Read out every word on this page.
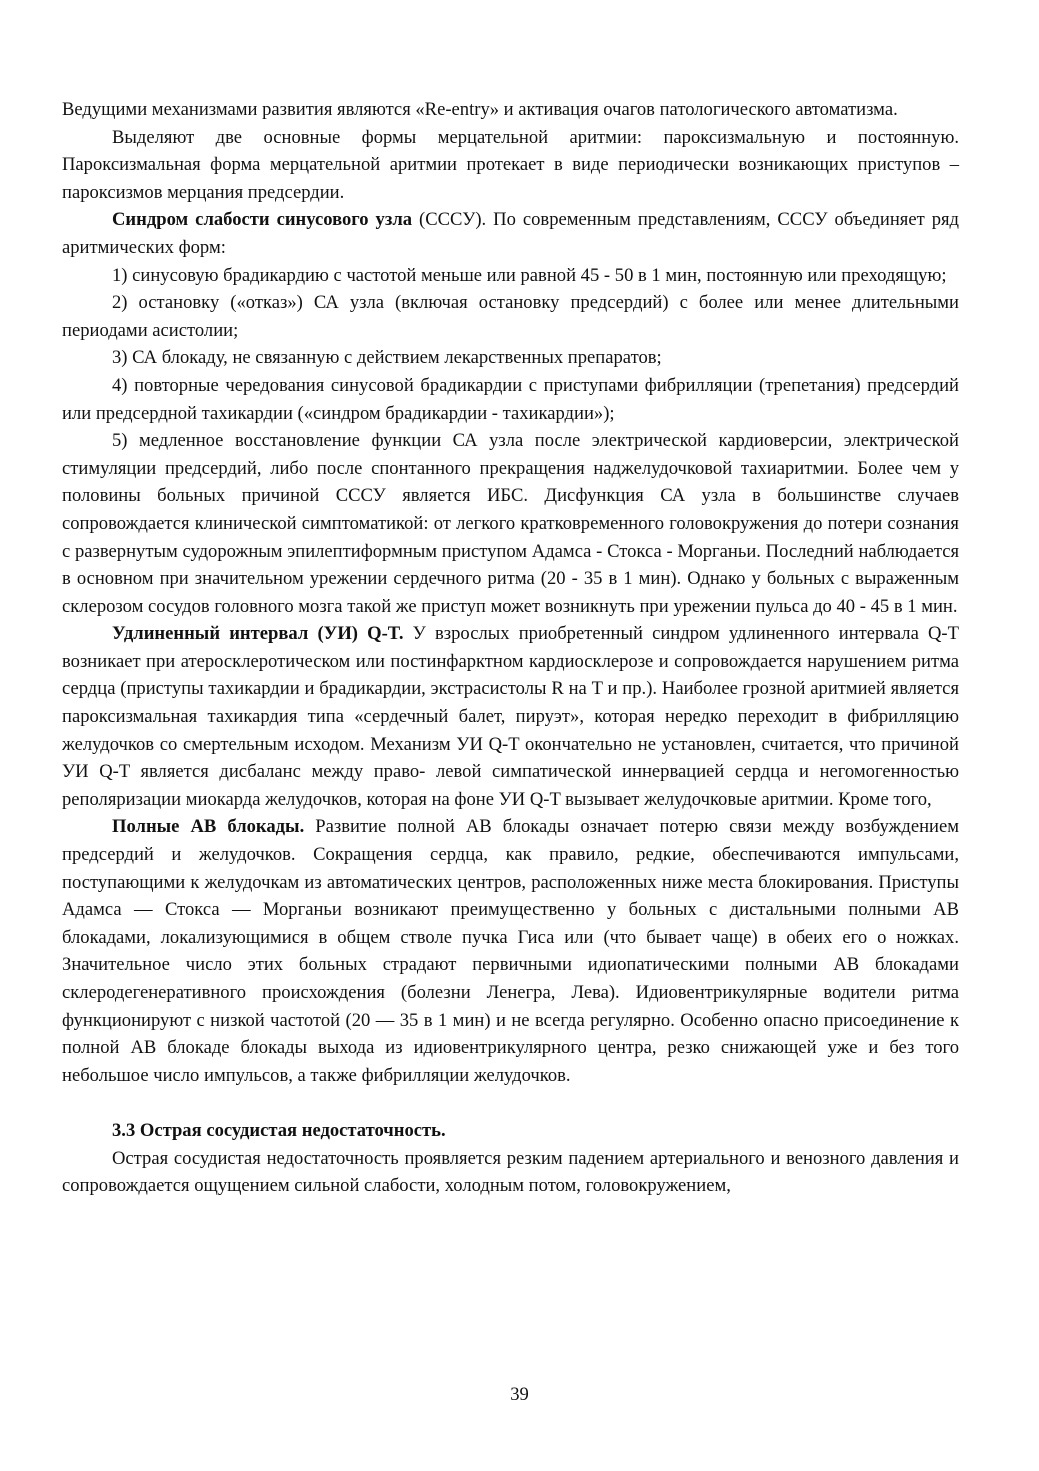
Ведущими механизмами развития являются «Re-entry» и активация очагов патологического автоматизма.

Выделяют две основные формы мерцательной аритмии: пароксизмальную и постоянную. Пароксизмальная форма мерцательной аритмии протекает в виде периодически возникающих приступов – пароксизмов мерцания предсердии.

Синдром слабости синусового узла (СССУ). По современным представлениям, СССУ объединяет ряд аритмических форм:

1) синусовую брадикардию с частотой меньше или равной 45 - 50 в 1 мин, постоянную или преходящую;

2) остановку («отказ») СА узла (включая остановку предсердий) с более или менее длительными периодами асистолии;

3) СА блокаду, не связанную с действием лекарственных препаратов;

4) повторные чередования синусовой брадикардии с приступами фибрилляции (трепетания) предсердий или предсердной тахикардии («синдром брадикардии - тахикардии»);

5) медленное восстановление функции СА узла после электрической кардиоверсии, электрической стимуляции предсердий, либо после спонтанного прекращения наджелудочковой тахиаритмии. Более чем у половины больных причиной СССУ является ИБС. Дисфункция СА узла в большинстве случаев сопровождается клинической симптоматикой: от легкого кратковременного головокружения до потери сознания с развернутым судорожным эпилептиформным приступом Адамса - Стокса - Морганьи. Последний наблюдается в основном при значительном урежении сердечного ритма (20 - 35 в 1 мин). Однако у больных с выраженным склерозом сосудов головного мозга такой же приступ может возникнуть при урежении пульса до 40 - 45 в 1 мин.

Удлиненный интервал (УИ) Q-T. У взрослых приобретенный синдром удлиненного интервала Q-T возникает при атеросклеротическом или постинфарктном кардиосклерозе и сопровождается нарушением ритма сердца (приступы тахикардии и брадикардии, экстрасистолы R на T и пр.). Наиболее грозной аритмией является пароксизмальная тахикардия типа «сердечный балет, пируэт», которая нередко переходит в фибрилляцию желудочков со смертельным исходом. Механизм УИ Q-T окончательно не установлен, считается, что причиной УИ Q-T является дисбаланс между право- левой симпатической иннервацией сердца и негомогенностью реполяризации миокарда желудочков, которая на фоне УИ Q-T вызывает желудочковые аритмии. Кроме того,

Полные АВ блокады. Развитие полной АВ блокады означает потерю связи между возбуждением предсердий и желудочков. Сокращения сердца, как правило, редкие, обеспечиваются импульсами, поступающими к желудочкам из автоматических центров, расположенных ниже места блокирования. Приступы Адамса — Стокса — Морганьи возникают преимущественно у больных с дистальными полными АВ блокадами, локализующимися в общем стволе пучка Гиса или (что бывает чаще) в обеих его о ножках. Значительное число этих больных страдают первичными идиопатическими полными АВ блокадами склеродегенеративного происхождения (болезни Ленегра, Лева). Идиовентрикулярные водители ритма функционируют с низкой частотой (20 — 35 в 1 мин) и не всегда регулярно. Особенно опасно присоединение к полной АВ блокаде блокады выхода из идиовентрикулярного центра, резко снижающей уже и без того небольшое число импульсов, а также фибрилляции желудочков.

3.3 Острая сосудистая недостаточность.

Острая сосудистая недостаточность проявляется резким падением артериального и венозного давления и сопровождается ощущением сильной слабости, холодным потом, головокружением,

39
